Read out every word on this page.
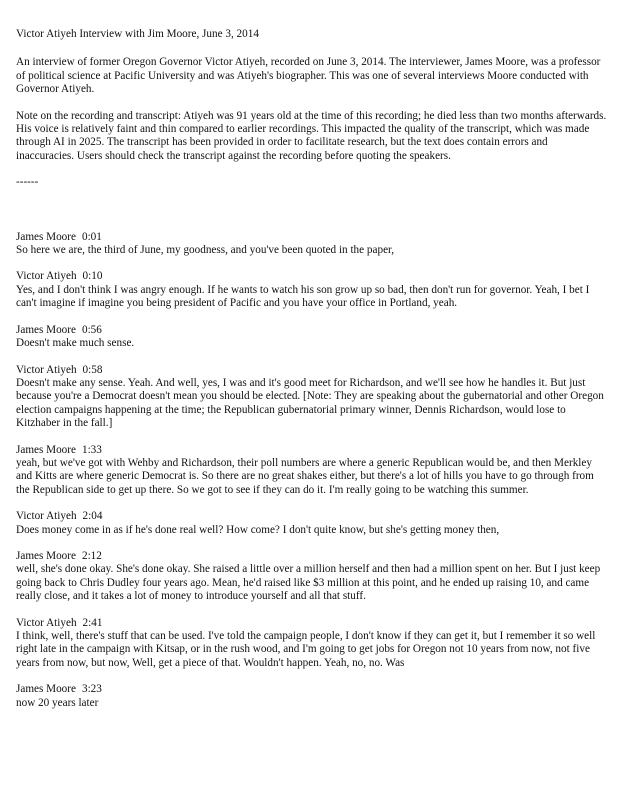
Victor Atiyeh Interview with Jim Moore, June 3, 2014

An interview of former Oregon Governor Victor Atiyeh, recorded on June 3, 2014. The interviewer, James Moore, was a professor of political science at Pacific University and was Atiyeh's biographer. This was one of several interviews Moore conducted with Governor Atiyeh.

Note on the recording and transcript: Atiyeh was 91 years old at the time of this recording; he died less than two months afterwards. His voice is relatively faint and thin compared to earlier recordings. This impacted the quality of the transcript, which was made through AI in 2025. The transcript has been provided in order to facilitate research, but the text does contain errors and inaccuracies. Users should check the transcript against the recording before quoting the speakers.

------
James Moore 0:01
So here we are, the third of June, my goodness, and you've been quoted in the paper,
Victor Atiyeh 0:10
Yes, and I don't think I was angry enough. If he wants to watch his son grow up so bad, then don't run for governor. Yeah, I bet I can't imagine if imagine you being president of Pacific and you have your office in Portland, yeah.
James Moore 0:56
Doesn't make much sense.
Victor Atiyeh 0:58
Doesn't make any sense. Yeah. And well, yes, I was and it's good meet for Richardson, and we'll see how he handles it. But just because you're a Democrat doesn't mean you should be elected. [Note: They are speaking about the gubernatorial and other Oregon election campaigns happening at the time; the Republican gubernatorial primary winner, Dennis Richardson, would lose to Kitzhaber in the fall.]
James Moore 1:33
yeah, but we've got with Wehby and Richardson, their poll numbers are where a generic Republican would be, and then Merkley and Kitts are where generic Democrat is. So there are no great shakes either, but there's a lot of hills you have to go through from the Republican side to get up there. So we got to see if they can do it. I'm really going to be watching this summer.
Victor Atiyeh 2:04
Does money come in as if he's done real well? How come? I don't quite know, but she's getting money then,
James Moore 2:12
well, she's done okay. She's done okay. She raised a little over a million herself and then had a million spent on her. But I just keep going back to Chris Dudley four years ago. Mean, he'd raised like $3 million at this point, and he ended up raising 10, and came really close, and it takes a lot of money to introduce yourself and all that stuff.
Victor Atiyeh 2:41
I think, well, there's stuff that can be used. I've told the campaign people, I don't know if they can get it, but I remember it so well right late in the campaign with Kitsap, or in the rush wood, and I'm going to get jobs for Oregon not 10 years from now, not five years from now, but now, Well, get a piece of that. Wouldn't happen. Yeah, no, no. Was
James Moore 3:23
now 20 years later
